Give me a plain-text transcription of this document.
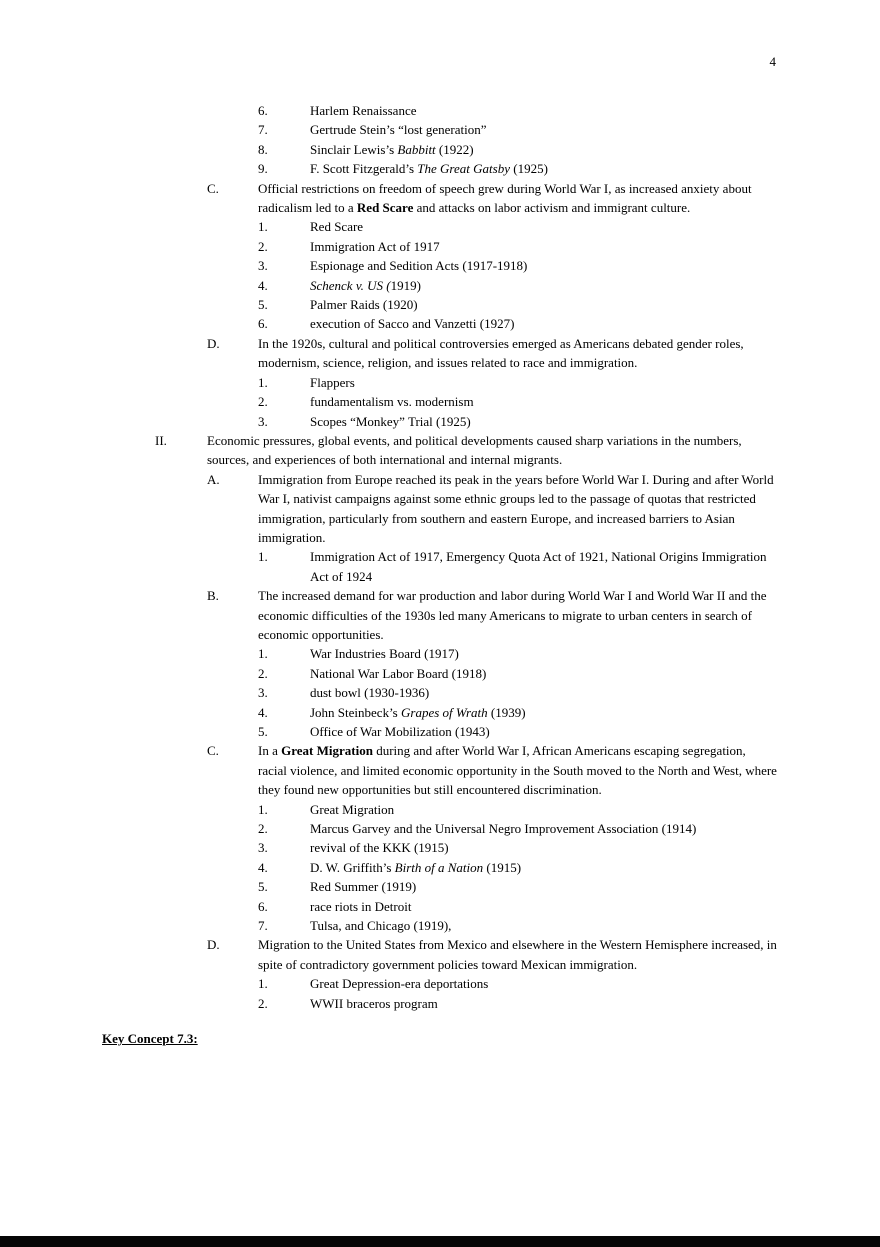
4
6.	Harlem Renaissance
7.	Gertrude Stein’s “lost generation”
8.	Sinclair Lewis’s Babbitt (1922)
9.	F. Scott Fitzgerald’s The Great Gatsby (1925)
C.	Official restrictions on freedom of speech grew during World War I, as increased anxiety about radicalism led to a Red Scare and attacks on labor activism and immigrant culture.
1.	Red Scare
2.	Immigration Act of 1917
3.	Espionage and Sedition Acts (1917-1918)
4.	Schenck v. US (1919)
5.	Palmer Raids (1920)
6.	execution of Sacco and Vanzetti (1927)
D.	In the 1920s, cultural and political controversies emerged as Americans debated gender roles, modernism, science, religion, and issues related to race and immigration.
1.	Flappers
2.	fundamentalism vs. modernism
3.	Scopes “Monkey” Trial (1925)
II.	Economic pressures, global events, and political developments caused sharp variations in the numbers, sources, and experiences of both international and internal migrants.
A.	Immigration from Europe reached its peak in the years before World War I. During and after World War I, nativist campaigns against some ethnic groups led to the passage of quotas that restricted immigration, particularly from southern and eastern Europe, and increased barriers to Asian immigration.
1.	Immigration Act of 1917, Emergency Quota Act of 1921, National Origins Immigration Act of 1924
B.	The increased demand for war production and labor during World War I and World War II and the economic difficulties of the 1930s led many Americans to migrate to urban centers in search of economic opportunities.
1.	War Industries Board (1917)
2.	National War Labor Board (1918)
3.	dust bowl (1930-1936)
4.	John Steinbeck’s Grapes of Wrath (1939)
5.	Office of War Mobilization (1943)
C.	In a Great Migration during and after World War I, African Americans escaping segregation, racial violence, and limited economic opportunity in the South moved to the North and West, where they found new opportunities but still encountered discrimination.
1.	Great Migration
2.	Marcus Garvey and the Universal Negro Improvement Association (1914)
3.	revival of the KKK (1915)
4.	D. W. Griffith’s Birth of a Nation (1915)
5.	Red Summer (1919)
6.	race riots in Detroit
7.	Tulsa, and Chicago (1919),
D.	Migration to the United States from Mexico and elsewhere in the Western Hemisphere increased, in spite of contradictory government policies toward Mexican immigration.
1.	Great Depression-era deportations
2.	WWII braceros program
Key Concept 7.3:
